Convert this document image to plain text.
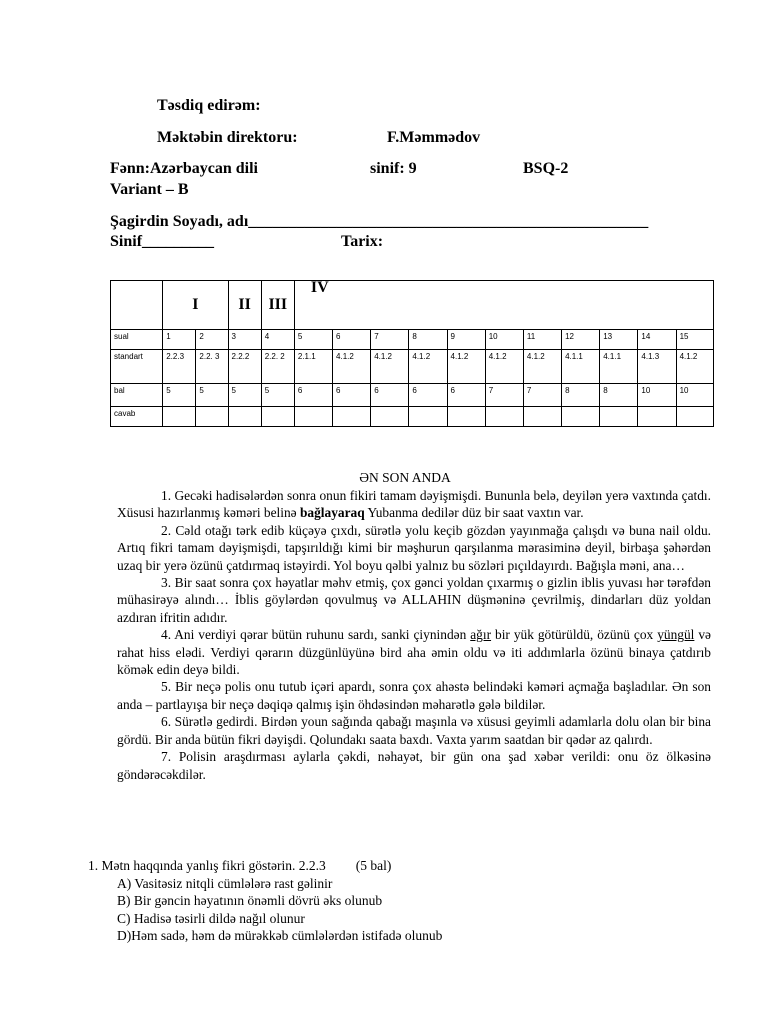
Təsdiq edirəm:
Məktəbin direktoru:	F.Məmmədov
Fənn:Azərbaycan dili	sinif: 9	BSQ-2
Variant – B
Şagirdin Soyadı, adı__________________________________________________
Sinif_________	Tarix:
	I		II	III	IV										
sual	1	2	3	4	5	6	7	8	9	10	11	12	13	14	15
standart	2.2.3	2.2. 3	2.2.2	2.2. 2	2.1.1	4.1.2	4.1.2	4.1.2	4.1.2	4.1.2	4.1.2	4.1.1	4.1.1	4.1.3	4.1.2
bal	5	5	5	5	6	6	6	6	6	7	7	8	8	10	10
cavab															
ƏN SON ANDA

1. Gecəki hadisələrdən sonra onun fikiri tamam dəyişmişdi. Bununla belə, deyilən yerə vaxtında çatdı. Xüsusi hazırlanmış kəməri belinə bağlayaraq Yubanma dedilər düz bir saat vaxtın var.

2. Cəld otağı tərk edib küçəyə çıxdı, sürətlə yolu keçib gözdən yayınmağa çalışdı və buna nail oldu. Artıq fikri tamam dəyişmişdi, tapşırıldığı kimi bir məşhurun qarşılanma mərasiminə deyil, birbaşa şəhərdən uzaq bir yerə özünü çatdırmaq istəyirdi. Yol boyu qəlbi yalnız bu sözləri pıçıldayırdı. Bağışla məni, ana…

3. Bir saat sonra çox həyatlar məhv etmiş, çox gənci yoldan çıxarmış o gizlin iblis yuvası hər tərəfdən mühasirəyə alındı… İblis göylərdən qovulmuş və ALLAHIN düşməninə çevrilmiş, dindarları düz yoldan azdıran ifritin adıdır.

4. Ani verdiyi qərar bütün ruhunu sardı, sanki çiynindən ağır bir yük götürüldü, özünü çox yüngül və rahat hiss elədi. Verdiyi qərarın düzgünlüyünə bird aha əmin oldu və iti addımlarla özünü binaya çatdırıb kömək edin deyə bildi.

5. Bir neçə polis onu tutub içəri apardı, sonra çox ahəstə belindəki kəməri açmağa başladılar. Ən son anda – partlayışa bir neçə dəqiqə qalmış işin öhdəsindən məharətlə gələ bildilər.

6. Sürətlə gedirdi. Birdən youn sağında qabağı maşınla və xüsusi geyimli adamlarla dolu olan bir bina gördü. Bir anda bütün fikri dəyişdi. Qolundakı saata baxdı. Vaxta yarım saatdan bir qədər az qalırdı.

7. Polisin araşdırması aylarla çəkdi, nəhayət, bir gün ona şad xəbər verildi: onu öz ölkəsinə göndərəcəkdilər.

1. Mətn haqqında yanlış fikri göstərin. 2.2.3 (5 bal)
A) Vasitəsiz nitqli cümlələrə rast gəlinir
B) Bir gəncin həyatının önəmli dövrü əks olunub
C) Hadisə təsirli dildə nağıl olunur
D)Həm sadə, həm də mürəkkəb cümlələrdən istifadə olunub
